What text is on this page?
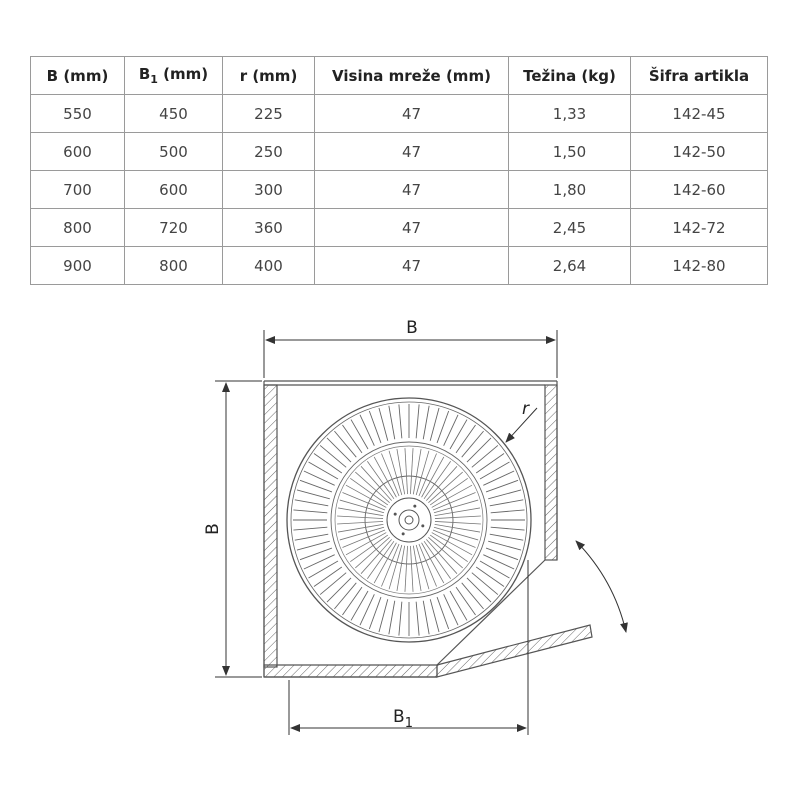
B (mm)	$B_1$ (mm)	r (mm)	Visina mreže (mm)	Težina (kg)	Šifra artikla
550	450	225	47	1,33	142-45
600	500	250	47	1,50	142-50
700	600	300	47	1,80	142-60
800	720	360	47	2,45	142-72
900	800	400	47	2,64	142-80
B
B
$B_1$
r
